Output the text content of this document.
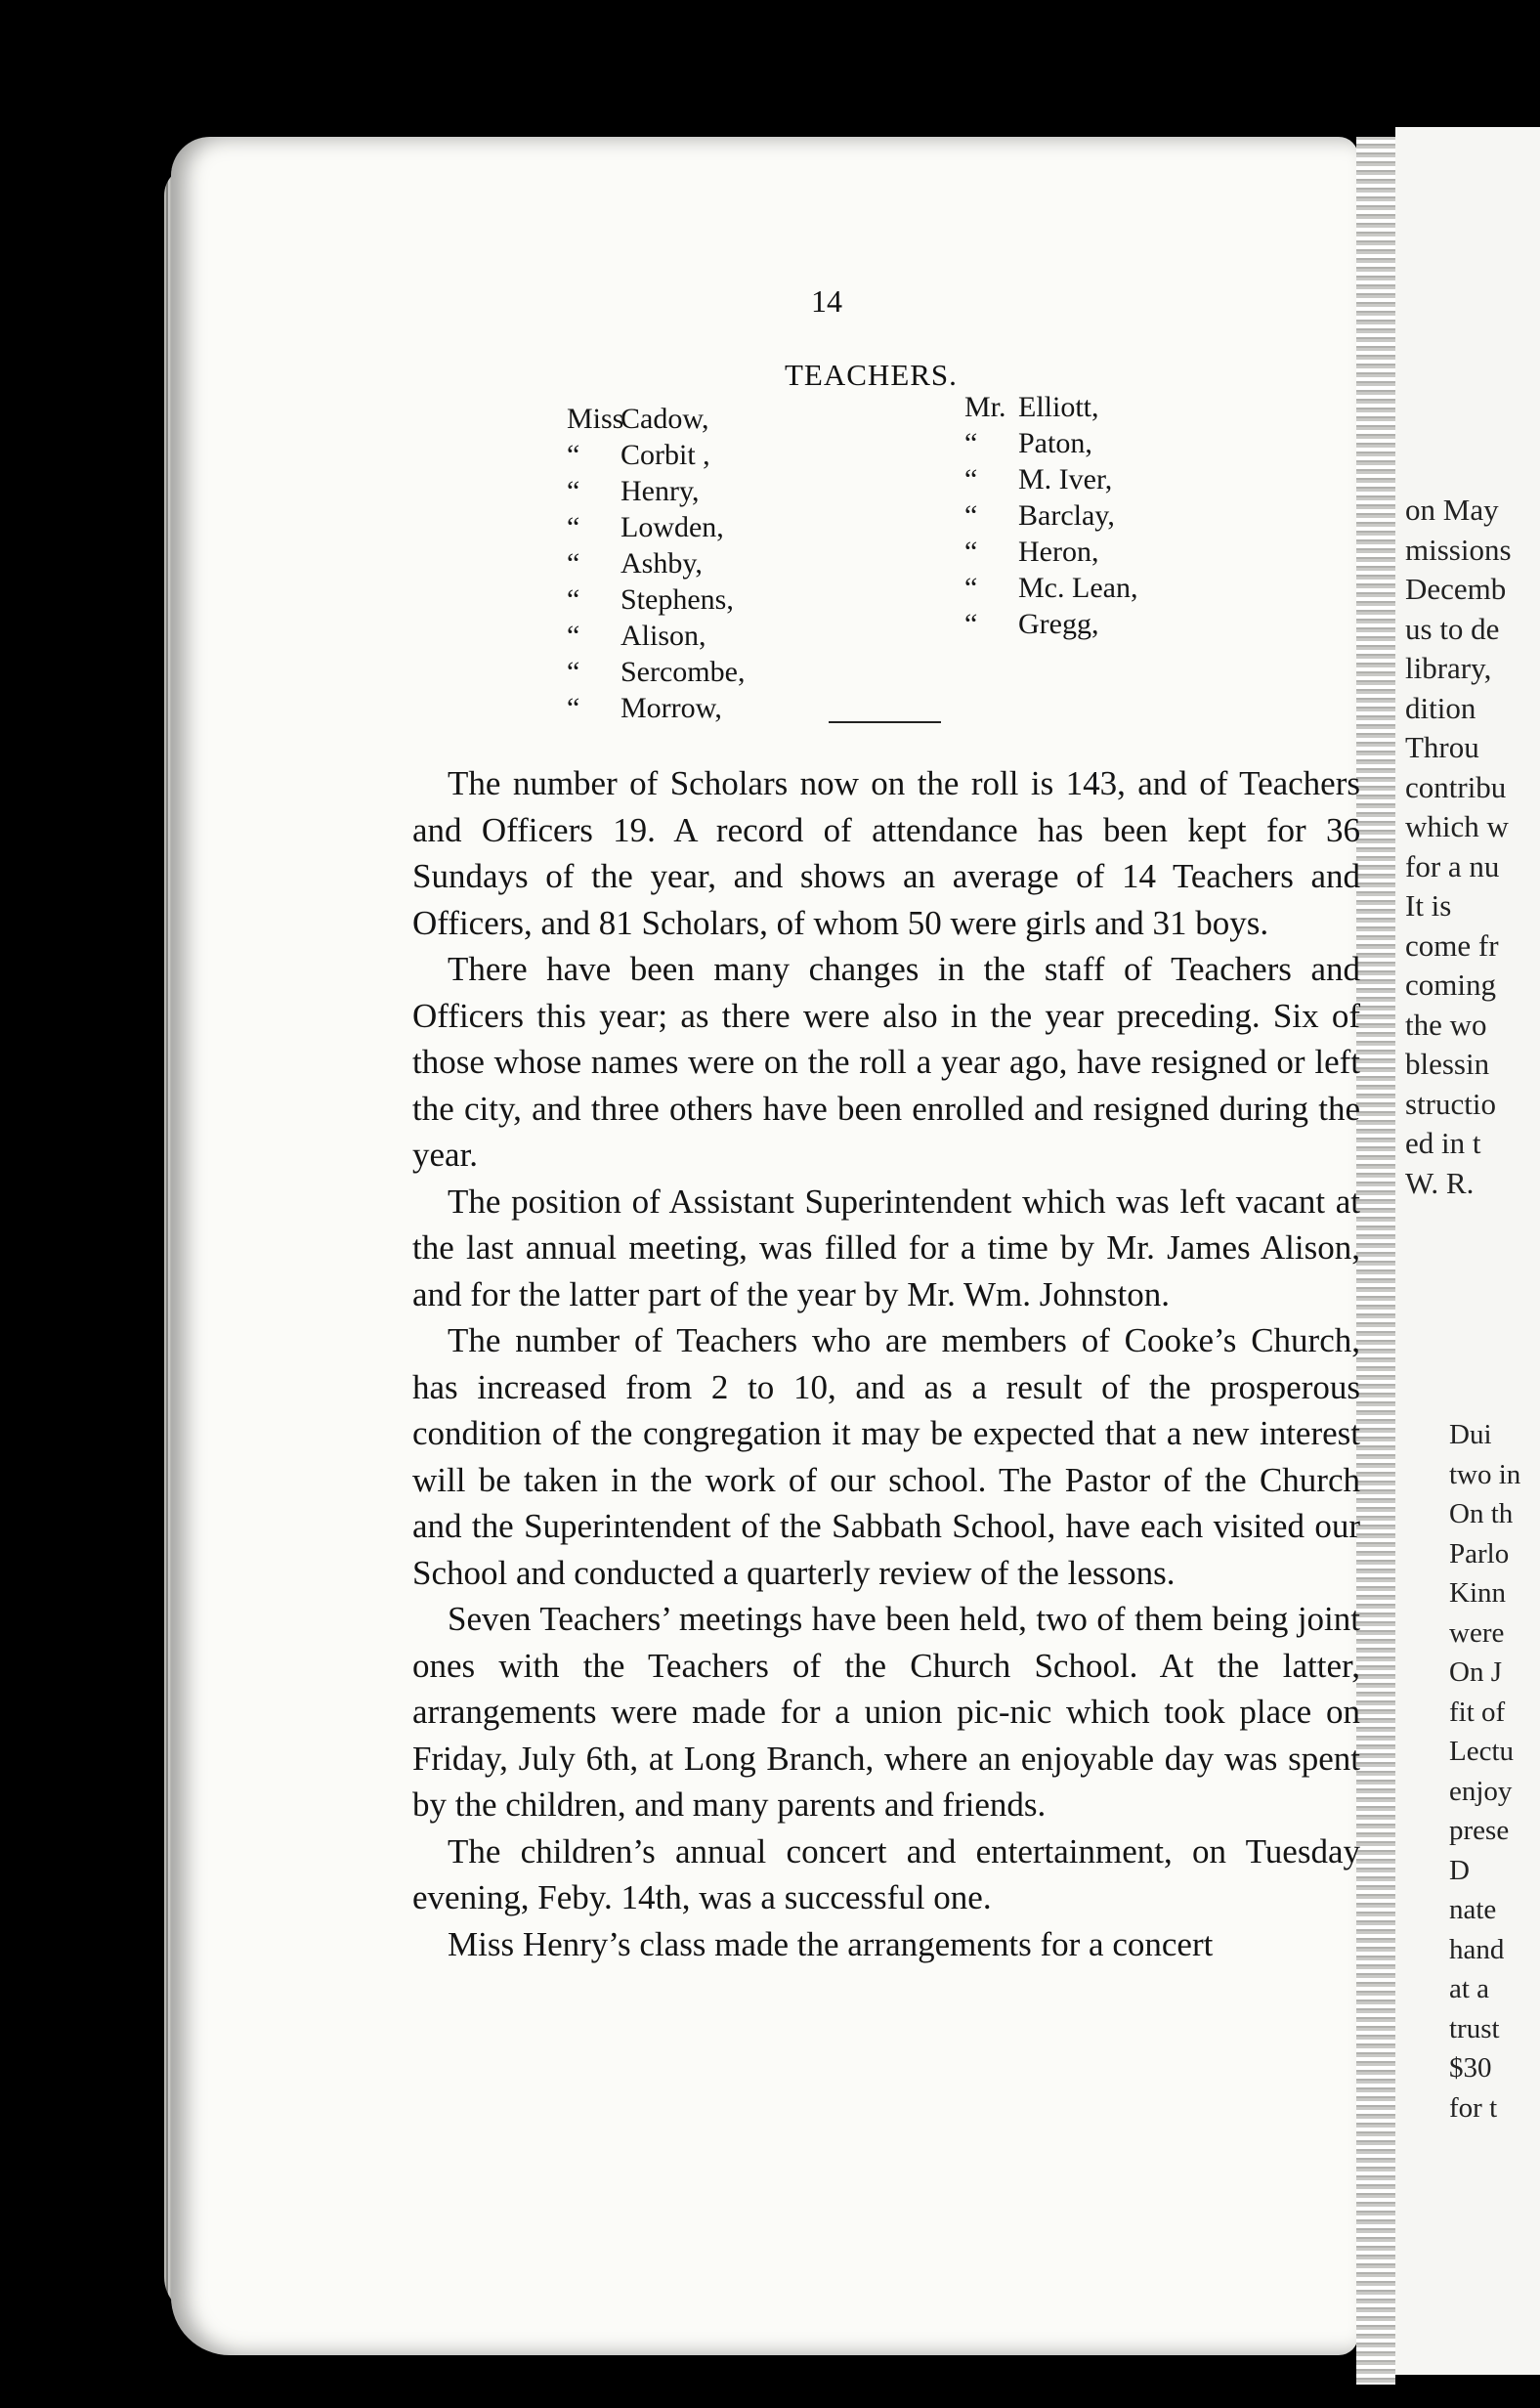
on May
missions
Decemb
us to de
library,
dition
Throu
contribu
which w
for a nu
It is
come fr
coming
the wo
blessin
structio
ed in t
W. R.
Dui
two in
On th
Parlo
Kinn
were
On J
fit of
Lectu
enjoy
prese
D
nate
hand
at a
trust
$30
for t
14
TEACHERS.
MissCadow,
“ Corbit ,
“ Henry,
“ Lowden,
“ Ashby,
“ Stephens,
“ Alison,
“ Sercombe,
“ Morrow,
Mr. Elliott,
“ Paton,
“ M. Iver,
“ Barclay,
“ Heron,
“ Mc. Lean,
“ Gregg,

The number of Scholars now on the roll is 143, and of Teachers and Officers 19. A record of attendance has been kept for 36 Sundays of the year, and shows an average of 14 Teachers and Officers, and 81 Scholars, of whom 50 were girls and 31 boys.

There have been many changes in the staff of Teachers and Officers this year; as there were also in the year preceding. Six of those whose names were on the roll a year ago, have resigned or left the city, and three others have been enrolled and resigned during the year.

The position of Assistant Superintendent which was left vacant at the last annual meeting, was filled for a time by Mr. James Alison, and for the latter part of the year by Mr. Wm. Johnston.

The number of Teachers who are members of Cooke’s Church, has increased from 2 to 10, and as a result of the prosperous condition of the congregation it may be expected that a new interest will be taken in the work of our school. The Pastor of the Church and the Superintendent of the Sabbath School, have each visited our School and conducted a quarterly review of the lessons.

Seven Teachers’ meetings have been held, two of them being joint ones with the Teachers of the Church School. At the latter, arrangements were made for a union pic-nic which took place on Friday, July 6th, at Long Branch, where an enjoyable day was spent by the children, and many parents and friends.

The children’s annual concert and entertainment, on Tuesday evening, Feby. 14th, was a successful one.

Miss Henry’s class made the arrangements for a concert
